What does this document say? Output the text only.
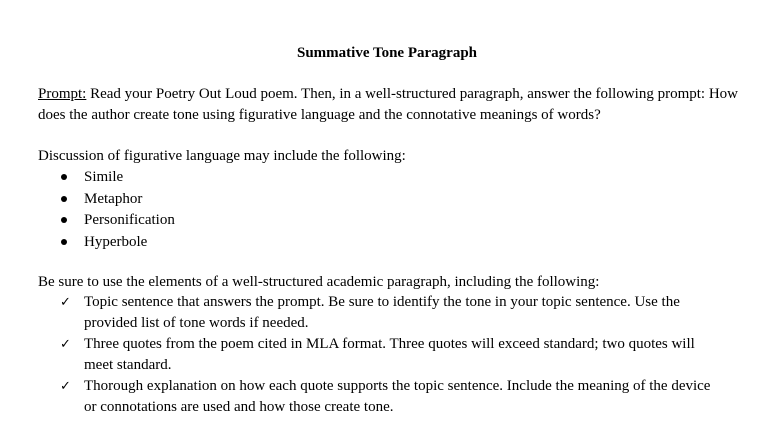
Summative Tone Paragraph
Prompt: Read your Poetry Out Loud poem. Then, in a well-structured paragraph, answer the following prompt: How does the author create tone using figurative language and the connotative meanings of words?
Discussion of figurative language may include the following:
Simile
Metaphor
Personification
Hyperbole
Be sure to use the elements of a well-structured academic paragraph, including the following:
✓ Topic sentence that answers the prompt. Be sure to identify the tone in your topic sentence. Use the provided list of tone words if needed.
✓ Three quotes from the poem cited in MLA format. Three quotes will exceed standard; two quotes will meet standard.
✓ Thorough explanation on how each quote supports the topic sentence. Include the meaning of the device or connotations are used and how those create tone.
